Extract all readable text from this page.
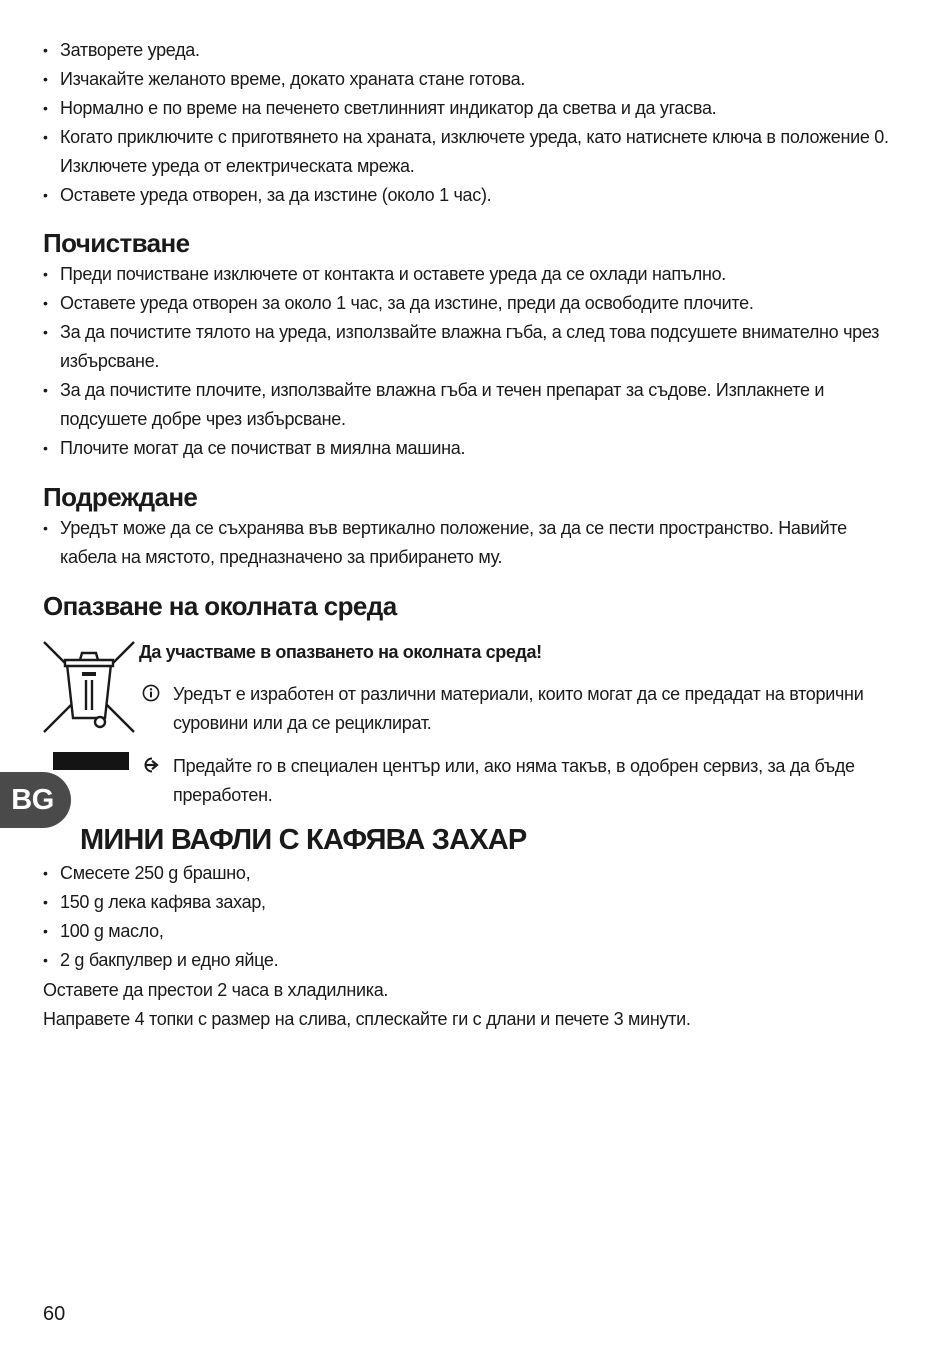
• Затворете уреда.
• Изчакайте желаното време, докато храната стане готова.
• Нормално е по време на печенето светлинният индикатор да светва и да угасва.
• Когато приключите с приготвянето на храната, изключете уреда, като натиснете ключа в положение 0. Изключете уреда от електрическата мрежа.
• Оставете уреда отворен, за да изстине (около 1 час).
Почистване
• Преди почистване изключете от контакта и оставете уреда да се охлади напълно.
• Оставете уреда отворен за около 1 час, за да изстине, преди да освободите плочите.
• За да почистите тялото на уреда, използвайте влажна гъба, а след това подсушете внимателно чрез избърсване.
• За да почистите плочите, използвайте влажна гъба и течен препарат за съдове. Изплакнете и подсушете добре чрез избърсване.
• Плочите могат да се почистват в миялна машина.
Подреждане
• Уредът може да се съхранява във вертикално положение, за да се пести пространство. Навийте кабела на мястото, предназначено за прибирането му.
Опазване на околната среда
Да участваме в опазването на околната среда!
Уредът е изработен от различни материали, които могат да се предадат на вторични суровини или да се рециклират.
Предайте го в специален център или, ако няма такъв, в одобрен сервиз, за да бъде преработен.
BG
МИНИ ВАФЛИ С КАФЯВА ЗАХАР
• Смесете 250 g брашно,
• 150 g лека кафява захар,
• 100 g масло,
• 2 g бакпулвер и едно яйце.
Оставете да престои 2 часа в хладилника.
Направете 4 топки с размер на слива, сплескайте ги с длани и печете 3 минути.
60
